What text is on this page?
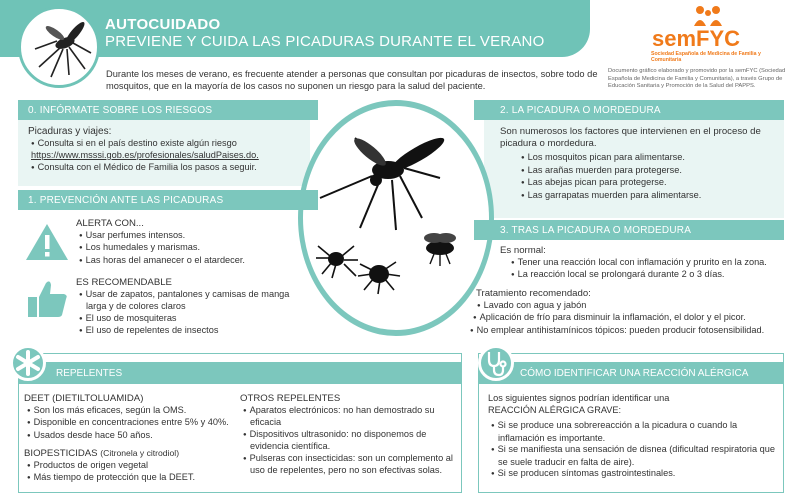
AUTOCUIDADO
PREVIENE Y CUIDA LAS PICADURAS DURANTE EL VERANO
Durante los meses de verano, es frecuente atender a personas que consultan por picaduras de insectos, sobre todo de mosquitos, que en la mayoría de los casos no suponen un riesgo para la salud del paciente.
semFYC
Sociedad Española de Medicina de Familia y Comunitaria
Documento gráfico elaborado y promovido por la semFYC (Sociedad Española de Medicina de Familia y Comunitaria), a través Grupo de Educación Sanitaria y Promoción de la Salud del PAPPS.
0. INFÓRMATE SOBRE LOS RIESGOS
Picaduras y viajes:
● Consulta si en el país destino existe algún riesgo
https://www.msssi.gob.es/profesionales/saludPaises.do.
● Consulta con el Médico de Familia los pasos a seguir.
1. PREVENCIÓN ANTE LAS PICADURAS
ALERTA CON...
● Usar perfumes intensos.
● Los humedales y marismas.
● Las horas del amanecer o el atardecer.
ES RECOMENDABLE
● Usar de zapatos, pantalones y camisas de manga larga y de colores claros
● El uso de mosquiteras
● El uso de repelentes de insectos
2. LA PICADURA O MORDEDURA
Son numerosos los factores que intervienen en el proceso de picadura o mordedura.
● Los mosquitos pican para alimentarse.
● Las arañas muerden para protegerse.
● Las abejas pican para protegerse.
● Las garrapatas muerden para alimentarse.
3. TRAS LA PICADURA O MORDEDURA
Es normal:
● Tener una reacción local con inflamación y prurito en la zona.
● La reacción local se prolongará durante 2 o 3 días.
Tratamiento recomendado:
● Lavado con agua y jabón
● Aplicación de frío para disminuir la inflamación, el dolor y el picor.
● No emplear antihistamínicos tópicos: pueden producir fotosensibilidad.
REPELENTES
DEET (DIETILTOLUAMIDA)
● Son los más eficaces, según la OMS.
● Disponible en concentraciones entre 5% y 40%.
● Usados desde hace 50 años.
BIOPESTICIDAS (Citronela y citrodiol)
● Productos de origen vegetal
● Más tiempo de protección que la DEET.
OTROS REPELENTES
● Aparatos electrónicos: no han demostrado su eficacia
● Dispositivos ultrasonido: no disponemos de evidencia científica.
● Pulseras con insecticidas: son un complemento al uso de repelentes, pero no son efectivas solas.
CÓMO IDENTIFICAR UNA REACCIÓN ALÉRGICA
Los siguientes signos podrían identificar una
REACCIÓN ALÉRGICA GRAVE:
● Si se produce una sobrereacción a la picadura o cuando la inflamación es importante.
● Si se manifiesta una sensación de disnea (dificultad respiratoria que se suele traducir en falta de aire).
● Si se producen síntomas gastrointestinales.
